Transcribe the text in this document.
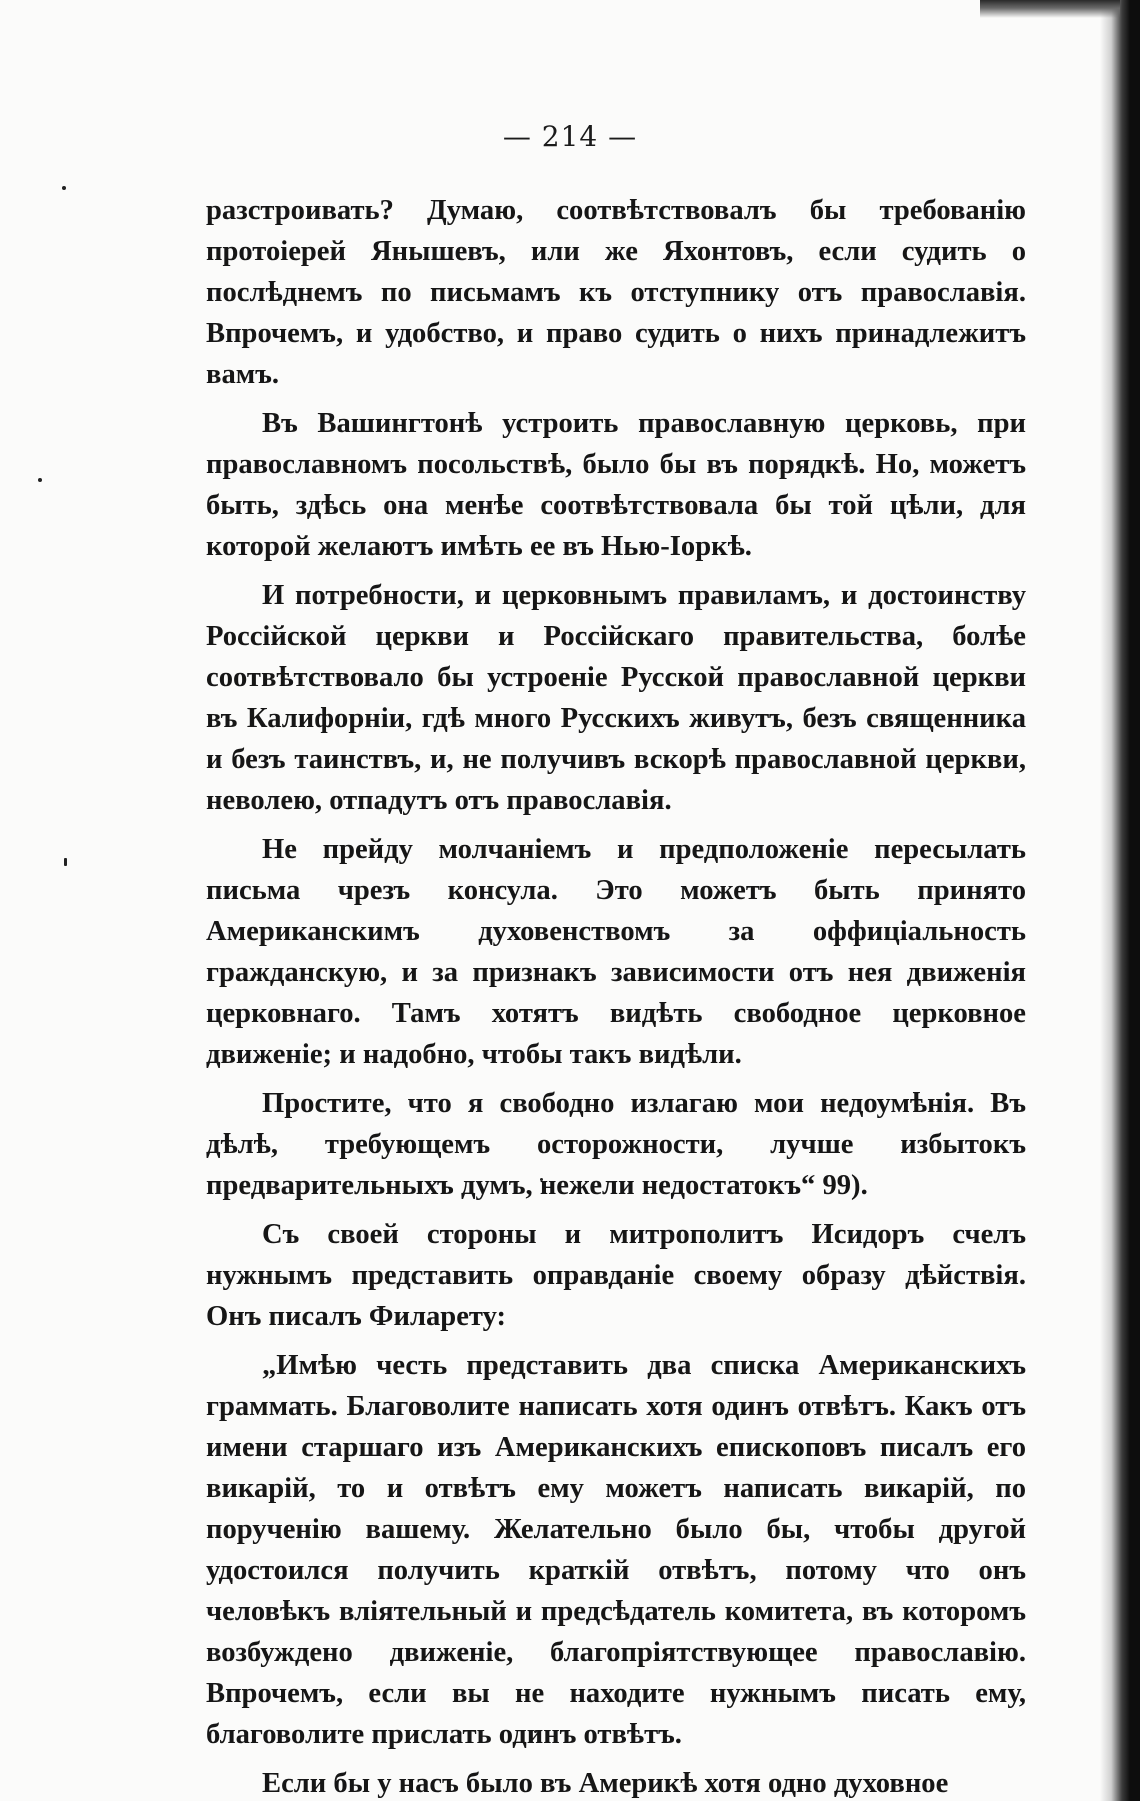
— 214 —

разстроивать? Думаю, соотвѣтствовалъ бы требованію протоіерей Янышевъ, или же Яхонтовъ, если судить о послѣднемъ по письмамъ къ отступнику отъ православія. Впрочемъ, и удобство, и право судить о нихъ принадлежитъ вамъ.

Въ Вашингтонѣ устроить православную церковь, при православномъ посольствѣ, было бы въ порядкѣ. Но, можетъ быть, здѣсь она менѣе соотвѣтствовала бы той цѣли, для которой желаютъ имѣть ее въ Нью-Іоркѣ.

И потребности, и церковнымъ правиламъ, и достоинству Россійской церкви и Россійскаго правительства, болѣе соотвѣтствовало бы устроеніе Русской православной церкви въ Калифорніи, гдѣ много Русскихъ живутъ, безъ священника и безъ таинствъ, и, не получивъ вскорѣ православной церкви, неволею, отпадутъ отъ православія.

Не прейду молчаніемъ и предположеніе пересылать письма чрезъ консула. Это можетъ быть принято Американскимъ духовенствомъ за оффиціальность гражданскую, и за признакъ зависимости отъ нея движенія церковнаго. Тамъ хотятъ видѣть свободное церковное движеніе; и надобно, чтобы такъ видѣли.

Простите, что я свободно излагаю мои недоумѣнія. Въ дѣлѣ, требующемъ осторожности, лучше избытокъ предварительныхъ думъ, нежели недостатокъ“ 99).

Съ своей стороны и митрополитъ Исидоръ счелъ нужнымъ представить оправданіе своему образу дѣйствія. Онъ писалъ Филарету:

„Имѣю честь представить два списка Американскихъ граммать. Благоволите написать хотя одинъ отвѣтъ. Какъ отъ имени старшаго изъ Американскихъ епископовъ писалъ его викарій, то и отвѣтъ ему можетъ написать викарій, по порученію вашему. Желательно было бы, чтобы другой удостоился получить краткій отвѣтъ, потому что онъ человѣкъ вліятельный и предсѣдатель комитета, въ которомъ возбуждено движеніе, благопріятствующее православію. Впрочемъ, если вы не находите нужнымъ писать ему, благоволите прислать одинъ отвѣтъ.

Если бы у насъ было въ Америкѣ хотя одно духовное
